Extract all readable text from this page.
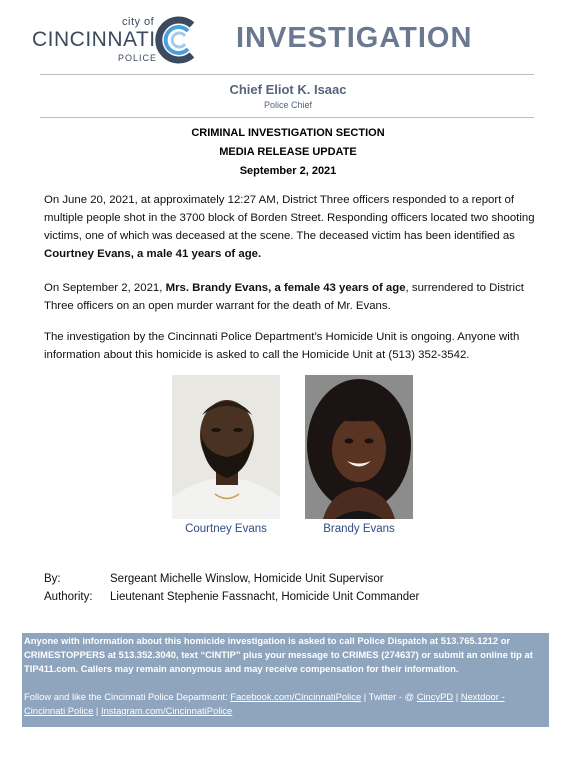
city of
CINCINNATI
POLICE
INVESTIGATION
Chief Eliot K. Isaac
Police Chief
CRIMINAL INVESTIGATION SECTION
MEDIA RELEASE UPDATE
September 2, 2021
On June 20, 2021, at approximately 12:27 AM, District Three officers responded to a report of multiple people shot in the 3700 block of Borden Street. Responding officers located two shooting victims, one of which was deceased at the scene. The deceased victim has been identified as Courtney Evans, a male 41 years of age.
On September 2, 2021, Mrs. Brandy Evans, a female 43 years of age, surrendered to District Three officers on an open murder warrant for the death of Mr. Evans.
The investigation by the Cincinnati Police Department’s Homicide Unit is ongoing. Anyone with information about this homicide is asked to call the Homicide Unit at (513) 352-3542.
Courtney Evans	Brandy Evans
By:	Sergeant Michelle Winslow, Homicide Unit Supervisor
Authority: Lieutenant Stephenie Fassnacht, Homicide Unit Commander
Anyone with information about this homicide investigation is asked to call Police Dispatch at 513.765.1212 or CRIMESTOPPERS at 513.352.3040, text “CINTIP” plus your message to CRIMES (274637) or submit an online tip at TIP411.com. Callers may remain anonymous and may receive compensation for their information.
Follow and like the Cincinnati Police Department: Facebook.com/CincinnatiPolice | Twitter - @ CincyPD | Nextdoor - Cincinnati Police | Instagram.com/CincinnatiPolice
